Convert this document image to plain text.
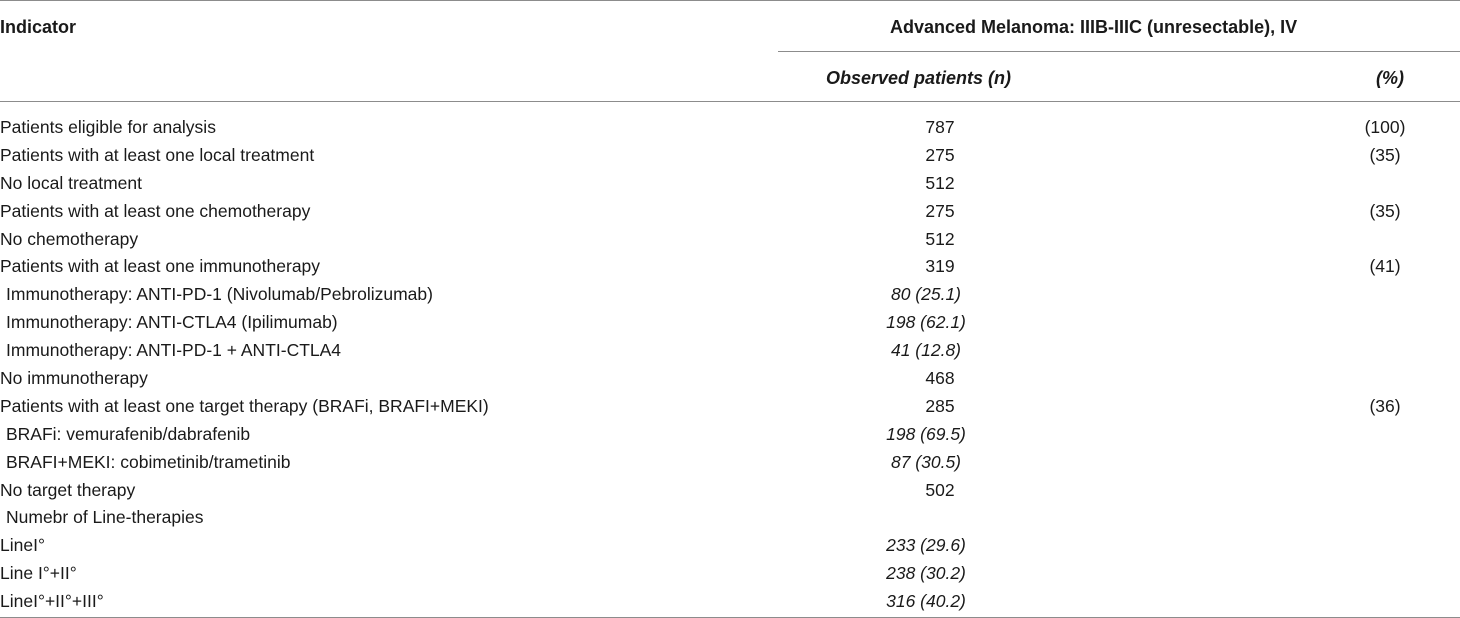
Indicator	Advanced Melanoma: IIIB-IIIC (unresectable), IV
Observed patients (n)	(%)
Patients eligible for analysis	787	(100)
Patients with at least one local treatment	275	(35)
No local treatment	512
Patients with at least one chemotherapy	275	(35)
No chemotherapy	512
Patients with at least one immunotherapy	319	(41)
Immunotherapy: ANTI-PD-1 (Nivolumab/Pebrolizumab)	80 (25.1)
Immunotherapy: ANTI-CTLA4 (Ipilimumab)	198 (62.1)
Immunotherapy: ANTI-PD-1 + ANTI-CTLA4	41 (12.8)
No immunotherapy	468
Patients with at least one target therapy (BRAFi, BRAFI+MEKI)	285	(36)
BRAFi: vemurafenib/dabrafenib	198 (69.5)
BRAFI+MEKI: cobimetinib/trametinib	87 (30.5)
No target therapy	502
Numebr of Line-therapies
LineI°	233 (29.6)
Line I°+II°	238 (30.2)
LineI°+II°+III°	316 (40.2)
